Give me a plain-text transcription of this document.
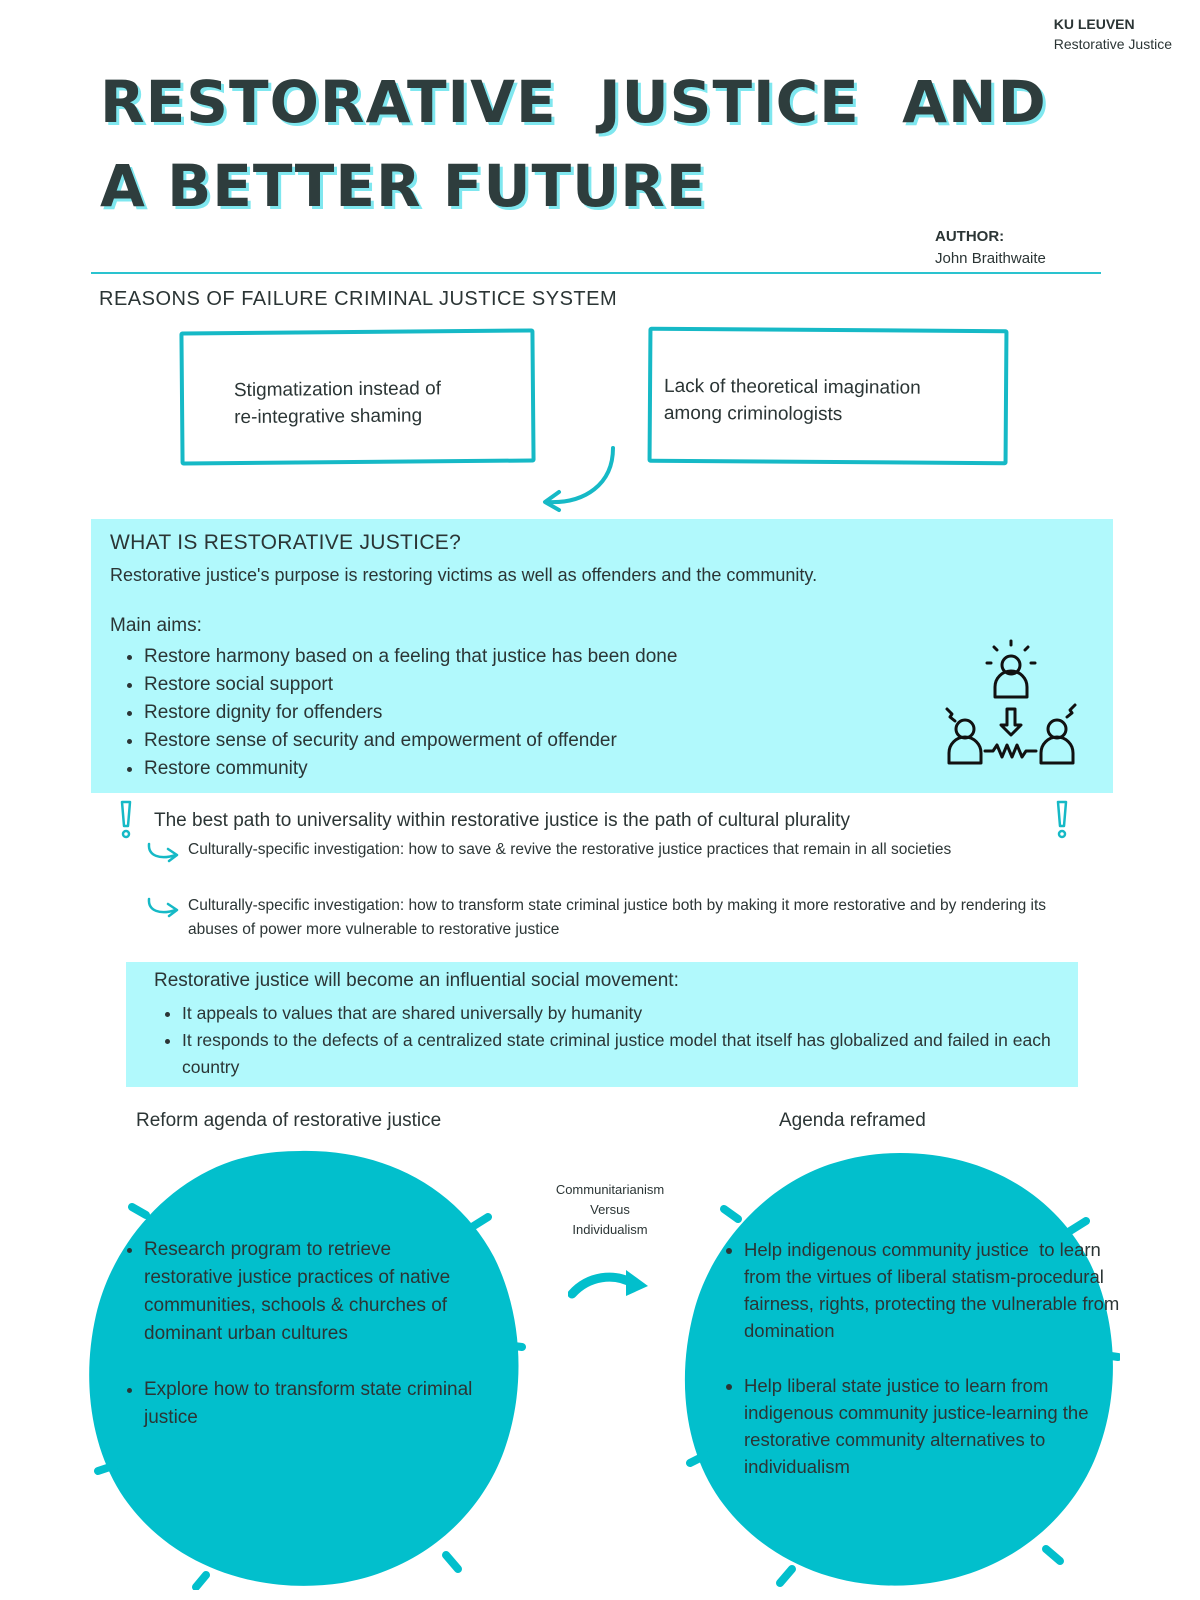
KU LEUVEN
Restorative Justice
RESTORATIVE  JUSTICE  AND
A BETTER FUTURE
AUTHOR:
John Braithwaite
REASONS OF FAILURE CRIMINAL JUSTICE SYSTEM
Stigmatization instead of
re-integrative shaming
Lack of theoretical imagination
among criminologists
WHAT IS RESTORATIVE JUSTICE?
Restorative justice's purpose is restoring victims as well as offenders and the community.
Main aims:
• Restore harmony based on a feeling that justice has been done
• Restore social support
• Restore dignity for offenders
• Restore sense of security and empowerment of offender
• Restore community
The best path to universality within restorative justice is the path of cultural plurality
Culturally-specific investigation: how to save & revive the restorative justice practices that remain in all societies
Culturally-specific investigation: how to transform state criminal justice both by making it more restorative and by rendering its abuses of power more vulnerable to restorative justice
Restorative justice will become an influential social movement:
• It appeals to values that are shared universally by humanity
• It responds to the defects of a centralized state criminal justice model that itself has globalized and failed in each country
Reform agenda of restorative justice	Agenda reframed
• Research program to retrieve restorative justice practices of native communities, schools & churches of dominant urban cultures
• Explore how to transform state criminal justice
• Help indigenous community justice  to learn from the virtues of liberal statism-procedural fairness, rights, protecting the vulnerable from domination
• Help liberal state justice to learn from indigenous community justice-learning the restorative community alternatives to individualism
Communitarianism
Versus
Individualism
